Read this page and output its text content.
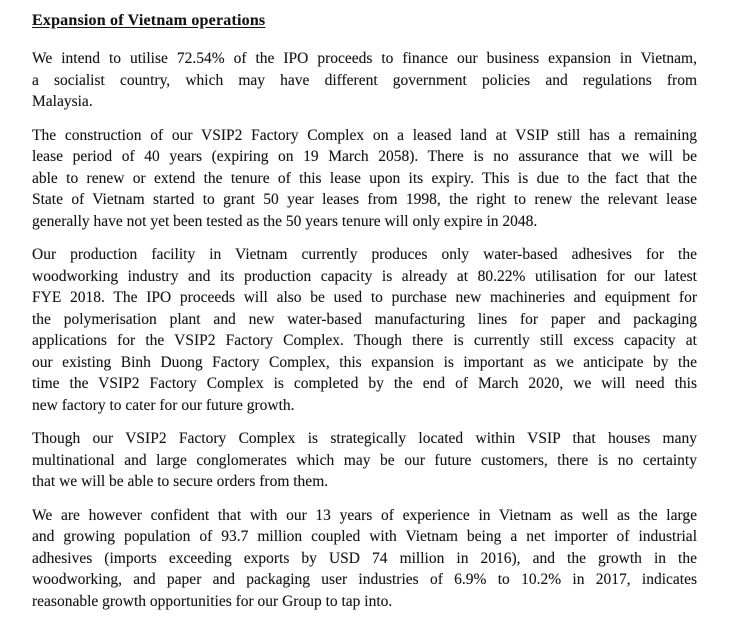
Expansion of Vietnam operations

We intend to utilise 72.54% of the IPO proceeds to finance our business expansion in Vietnam,
a socialist country, which may have different government policies and regulations from
Malaysia.

The construction of our VSIP2 Factory Complex on a leased land at VSIP still has a remaining
lease period of 40 years (expiring on 19 March 2058). There is no assurance that we will be
able to renew or extend the tenure of this lease upon its expiry. This is due to the fact that the
State of Vietnam started to grant 50 year leases from 1998, the right to renew the relevant lease
generally have not yet been tested as the 50 years tenure will only expire in 2048.

Our production facility in Vietnam currently produces only water-based adhesives for the
woodworking industry and its production capacity is already at 80.22% utilisation for our latest
FYE 2018. The IPO proceeds will also be used to purchase new machineries and equipment for
the polymerisation plant and new water-based manufacturing lines for paper and packaging
applications for the VSIP2 Factory Complex. Though there is currently still excess capacity at
our existing Binh Duong Factory Complex, this expansion is important as we anticipate by the
time the VSIP2 Factory Complex is completed by the end of March 2020, we will need this
new factory to cater for our future growth.

Though our VSIP2 Factory Complex is strategically located within VSIP that houses many
multinational and large conglomerates which may be our future customers, there is no certainty
that we will be able to secure orders from them.

We are however confident that with our 13 years of experience in Vietnam as well as the large
and growing population of 93.7 million coupled with Vietnam being a net importer of industrial
adhesives (imports exceeding exports by USD 74 million in 2016), and the growth in the
woodworking, and paper and packaging user industries of 6.9% to 10.2% in 2017, indicates
reasonable growth opportunities for our Group to tap into.
